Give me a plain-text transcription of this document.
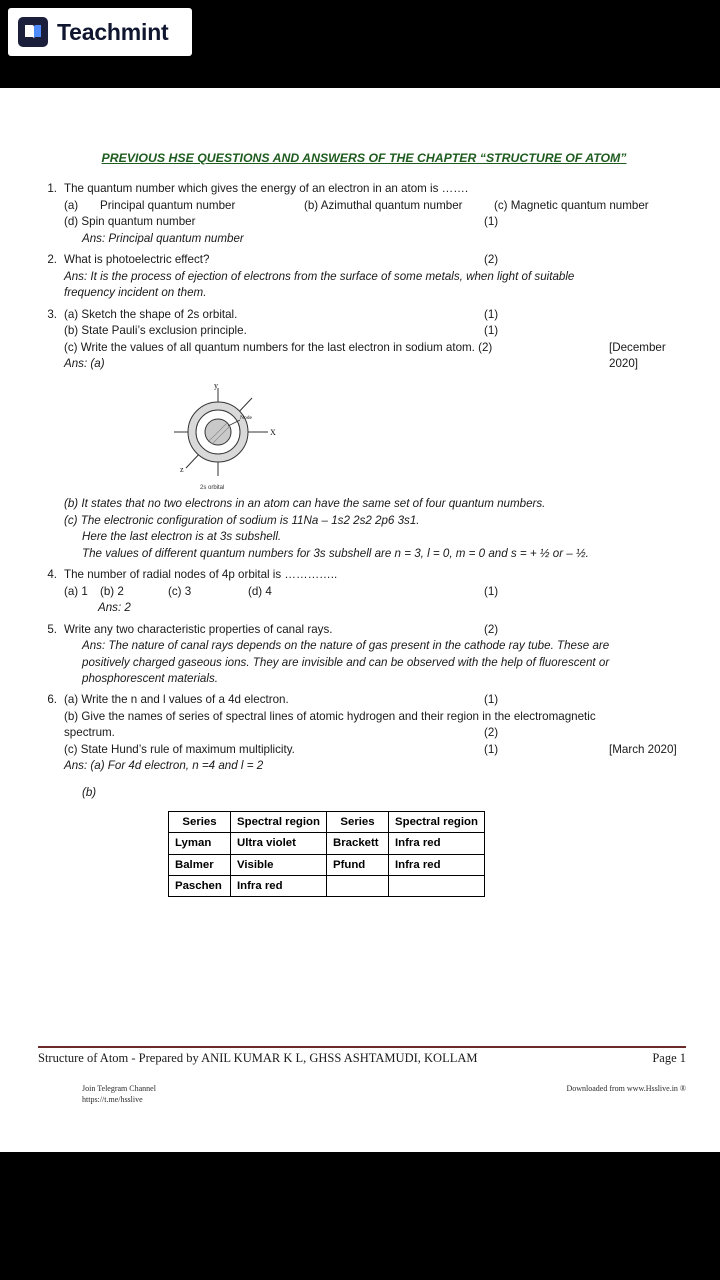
Teachmint
PREVIOUS HSE QUESTIONS AND ANSWERS OF THE CHAPTER “STRUCTURE OF ATOM”
1. The quantum number which gives the energy of an electron in an atom is …….
(a)	Principal quantum number	(b) Azimuthal quantum number	(c) Magnetic quantum number
(d) Spin quantum number	(1)
Ans: Principal quantum number
2. What is photoelectric effect?	(2)
Ans: It is the process of ejection of electrons from the surface of some metals, when light of suitable
frequency incident on them.
3. (a) Sketch the shape of 2s orbital.	(1)
(b) State Pauli’s exclusion principle.	(1)
(c) Write the values of all quantum numbers for the last electron in sodium atom. (2)	[December 2020]
Ans: (a)
y
X
z
Node
2s orbital
(b) It states that no two electrons in an atom can have the same set of four quantum numbers.
(c) The electronic configuration of sodium is 11Na – 1s2 2s2 2p6 3s1.
Here the last electron is at 3s subshell.
The values of different quantum numbers for 3s subshell are n = 3, l = 0, m = 0 and s = + ½ or – ½.
4. The number of radial nodes of 4p orbital is …………..
(a) 1	(b) 2	(c) 3	(d) 4	(1)
Ans: 2
5. Write any two characteristic properties of canal rays.	(2)
Ans: The nature of canal rays depends on the nature of gas present in the cathode ray tube. These are
positively charged gaseous ions. They are invisible and can be observed with the help of fluorescent or
phosphorescent materials.
6. (a) Write the n and l values of a 4d electron.	(1)
(b) Give the names of series of spectral lines of atomic hydrogen and their region in the electromagnetic
spectrum.	(2)
(c) State Hund’s rule of maximum multiplicity.	(1)	[March 2020]
Ans: (a) For 4d electron, n =4 and l = 2
(b)
Series	Spectral region	Series	Spectral region
Lyman	Ultra violet	Brackett	Infra red
Balmer	Visible	Pfund	Infra red
Paschen	Infra red		
Structure of Atom - Prepared by ANIL KUMAR K L, GHSS ASHTAMUDI, KOLLAM	Page 1
Join Telegram Channel
https://t.me/hsslive
Downloaded from www.Hsslive.in ®
